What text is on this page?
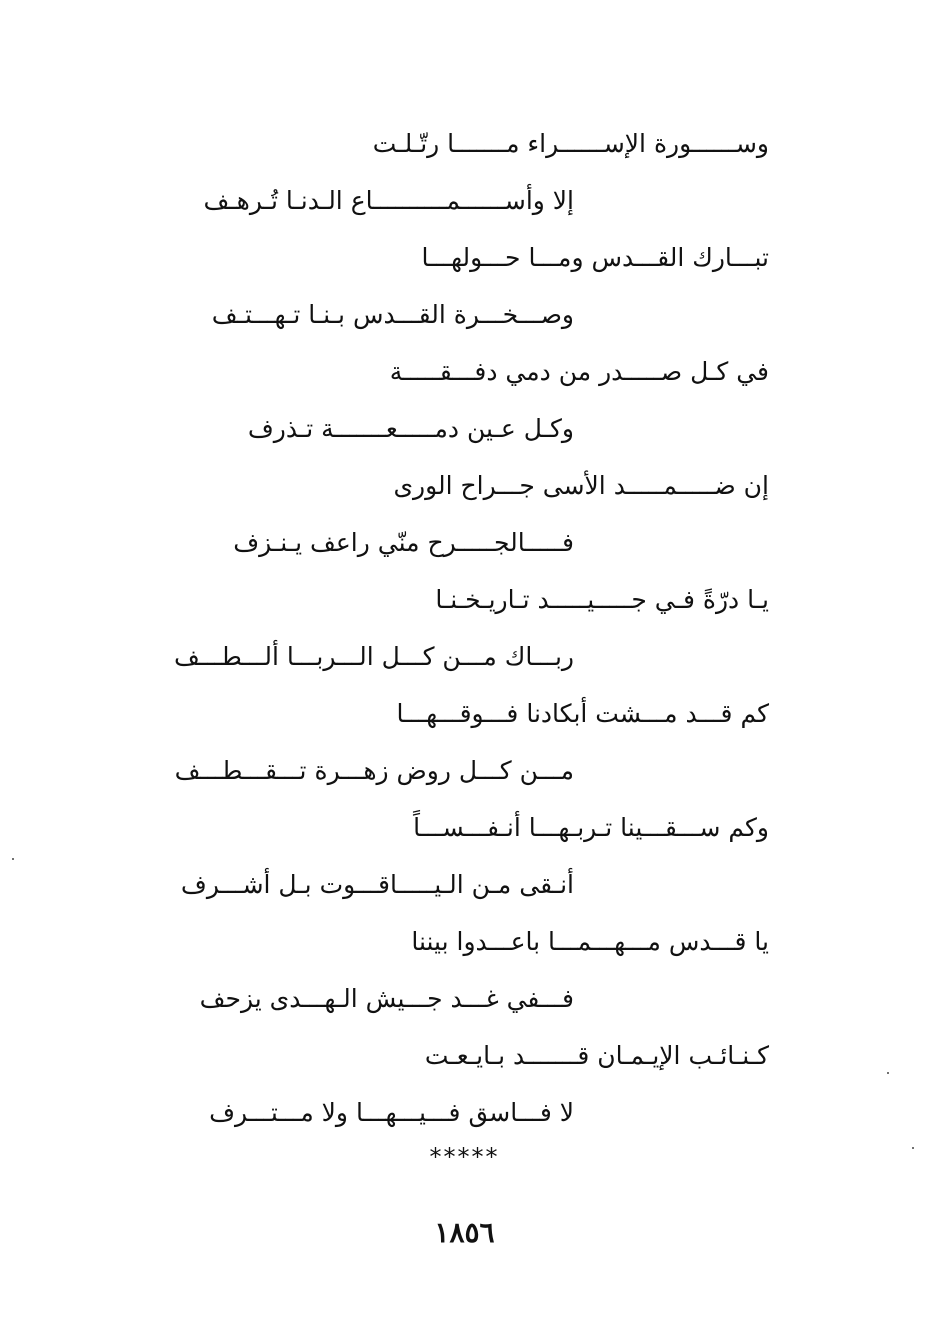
وســــــورة الإســــــراء مـــــــا رتّـلـت
إلا وأســــــمــــــــــاع الـدنـا تُـرهـف
تبـــارك القـــدس ومـــا حـــولهـــا
وصـــخـــرة القـــدس بـنـا تـهـــتـف
في كـل صـــــدر من دمي دفـــقـــــة
وكـل عـين دمـــــعـــــــة تـذرف
إن ضـــــمـــــد الأسى جـــراح الورى
فـــــالجـــــرح منّي راعف يـنـزف
يـا درّةً فـي جـــــيـــــد تـاريـخـنـا
ربـــاك مـــن كـــل الـــربـــا ألـــطـــف
كم قـــد مـــشت أبكادنا فـــوقـــهـــا
مـــن كـــل روض زهـــرة تـــقـــطـــف
وكم ســـقـــينا تـربـهـــا أنـفـــســـاً
أنـقى مـن الـيـــــاقـــوت بـل أشـــرف
يا قـــدس مـــهـــمـــا باعـــدوا بيننا
فـــفي غـــد جـــيش الـهـــدى يزحف
كـنـائـب الإيـمـان قـــــــد بـايـعـت
لا فـــاسق فـــيـــهـــا ولا مـــتـــرف
*****
١٨٥٦
